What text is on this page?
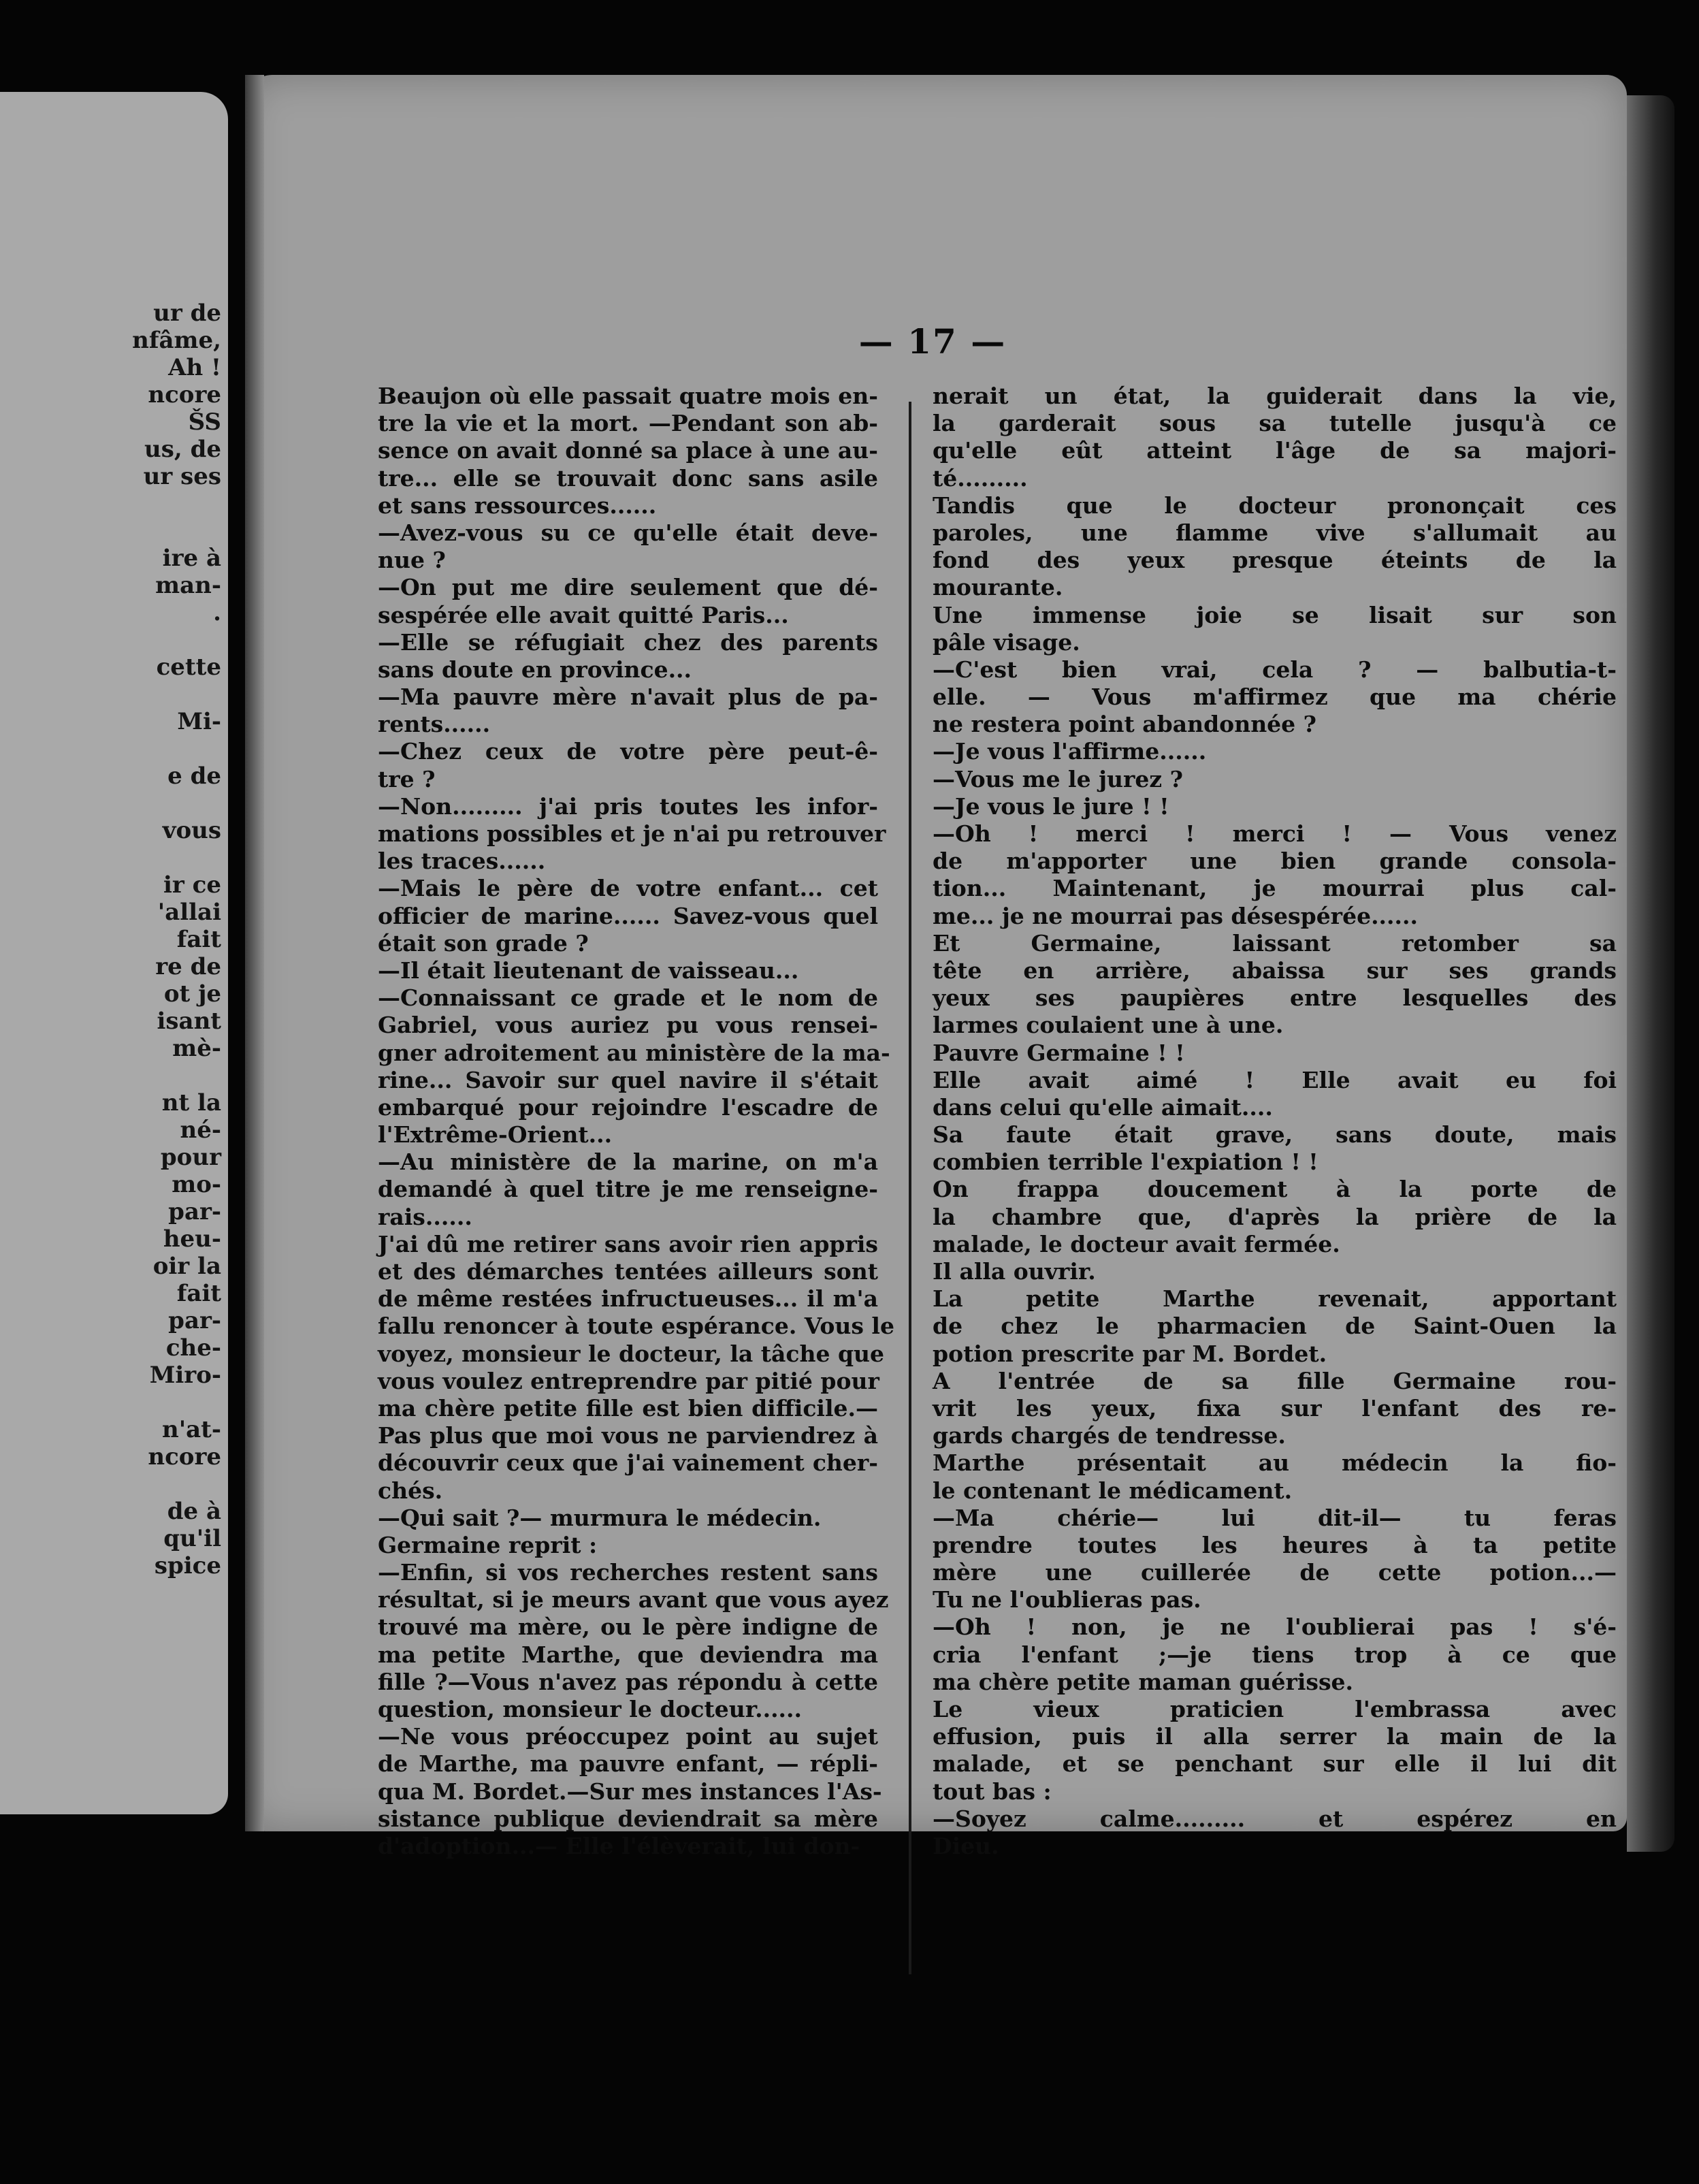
ur de
nfâme,
Ah !
ncore
ŠS
us, de
ur ses
ire à
man-
.
cette
Mi-
e de
vous
ir ce
'allai
fait
re de
ot je
isant
mè-
nt la
né-
pour
mo-
par-
heu-
oir la
fait
par-
che-
Miro-
n'at-
ncore
de à
qu'il
spice
— 17 —
Beaujon où elle passait quatre mois en-
tre la vie et la mort. —Pendant son ab-
sence on avait donné sa place à une au-
tre... elle se trouvait donc sans asile
et sans ressources......
—Avez-vous su ce qu'elle était deve-
nue ?
—On put me dire seulement que dé-
sespérée elle avait quitté Paris...
—Elle se réfugiait chez des parents
sans doute en province...
—Ma pauvre mère n'avait plus de pa-
rents......
—Chez ceux de votre père peut-ê-
tre ?
—Non......... j'ai pris toutes les infor-
mations possibles et je n'ai pu retrouver
les traces......
—Mais le père de votre enfant... cet
officier de marine...... Savez-vous quel
était son grade ?
—Il était lieutenant de vaisseau...
—Connaissant ce grade et le nom de
Gabriel, vous auriez pu vous rensei-
gner adroitement au ministère de la ma-
rine... Savoir sur quel navire il s'était
embarqué pour rejoindre l'escadre de
l'Extrême-Orient...
—Au ministère de la marine, on m'a
demandé à quel titre je me renseigne-
rais......
J'ai dû me retirer sans avoir rien appris
et des démarches tentées ailleurs sont
de même restées infructueuses... il m'a
fallu renoncer à toute espérance. Vous le
voyez, monsieur le docteur, la tâche que
vous voulez entreprendre par pitié pour
ma chère petite fille est bien difficile.—
Pas plus que moi vous ne parviendrez à
découvrir ceux que j'ai vainement cher-
chés.
—Qui sait ?— murmura le médecin.
Germaine reprit :
—Enfin, si vos recherches restent sans
résultat, si je meurs avant que vous ayez
trouvé ma mère, ou le père indigne de
ma petite Marthe, que deviendra ma
fille ?—Vous n'avez pas répondu à cette
question, monsieur le docteur......
—Ne vous préoccupez point au sujet
de Marthe, ma pauvre enfant, — répli-
qua M. Bordet.—Sur mes instances l'As-
sistance publique deviendrait sa mère
d'adoption...— Elle l'élèverait, lui don-
nerait un état, la guiderait dans la vie,
la garderait sous sa tutelle jusqu'à ce
qu'elle eût atteint l'âge de sa majori-
té.........
Tandis que le docteur prononçait ces
paroles, une flamme vive s'allumait au
fond des yeux presque éteints de la
mourante.
Une immense joie se lisait sur son
pâle visage.
—C'est bien vrai, cela ? — balbutia-t-
elle. — Vous m'affirmez que ma chérie
ne restera point abandonnée ?
—Je vous l'affirme......
—Vous me le jurez ?
—Je vous le jure ! !
—Oh ! merci ! merci ! — Vous venez
de m'apporter une bien grande consola-
tion... Maintenant, je mourrai plus cal-
me... je ne mourrai pas désespérée......
Et Germaine, laissant retomber sa
tête en arrière, abaissa sur ses grands
yeux ses paupières entre lesquelles des
larmes coulaient une à une.
Pauvre Germaine ! !
Elle avait aimé ! Elle avait eu foi
dans celui qu'elle aimait....
Sa faute était grave, sans doute, mais
combien terrible l'expiation ! !
On frappa doucement à la porte de
la chambre que, d'après la prière de la
malade, le docteur avait fermée.
Il alla ouvrir.
La petite Marthe revenait, apportant
de chez le pharmacien de Saint-Ouen la
potion prescrite par M. Bordet.
A l'entrée de sa fille Germaine rou-
vrit les yeux, fixa sur l'enfant des re-
gards chargés de tendresse.
Marthe présentait au médecin la fio-
le contenant le médicament.
—Ma chérie— lui dit-il— tu feras
prendre toutes les heures à ta petite
mère une cuillerée de cette potion...—
Tu ne l'oublieras pas.
—Oh ! non, je ne l'oublierai pas ! s'é-
cria l'enfant ;—je tiens trop à ce que
ma chère petite maman guérisse.
Le vieux praticien l'embrassa avec
effusion, puis il alla serrer la main de la
malade, et se penchant sur elle il lui dit
tout bas :
—Soyez calme......... et espérez en
Dieu.
